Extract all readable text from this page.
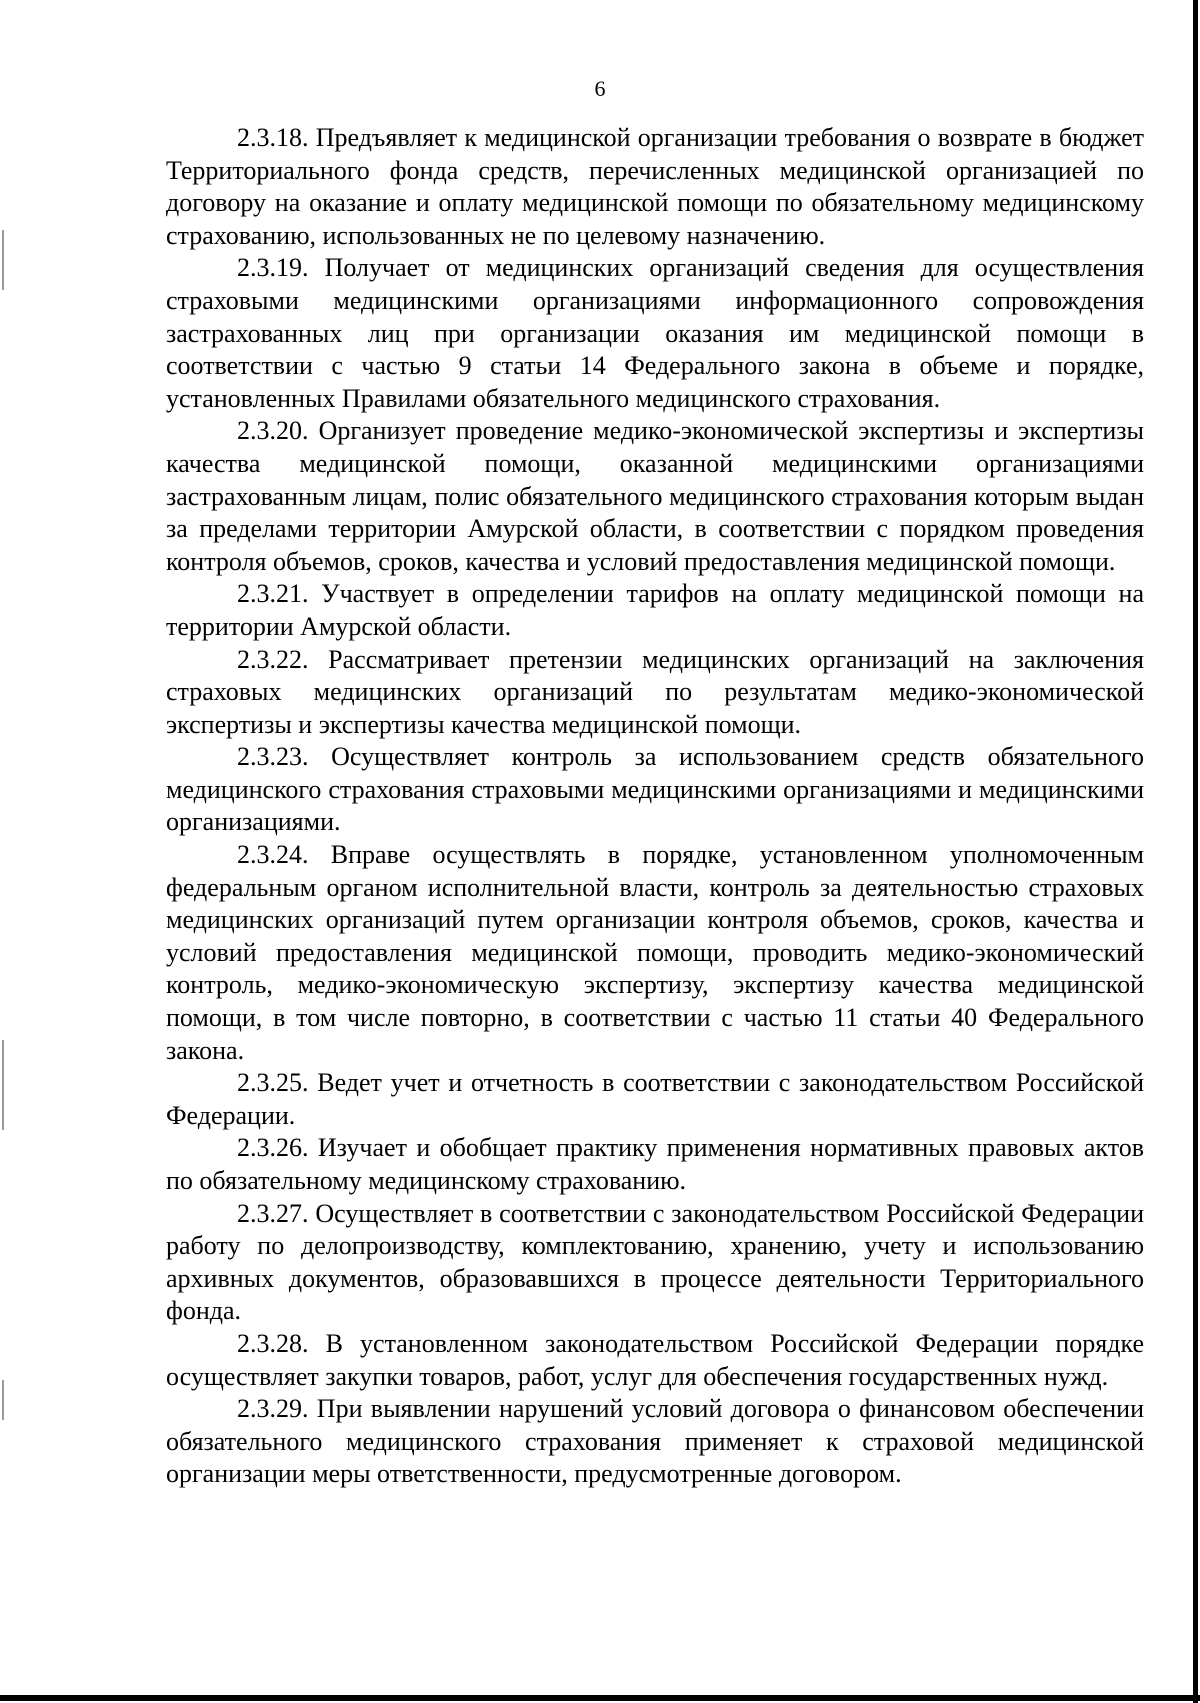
6

2.3.18. Предъявляет к медицинской организации требования о возврате в бюджет Территориального фонда средств, перечисленных медицинской организацией по договору на оказание и оплату медицинской помощи по обязательному медицинскому страхованию, использованных не по целевому назначению.

2.3.19. Получает от медицинских организаций сведения для осуществления страховыми медицинскими организациями информационного сопровождения застрахованных лиц при организации оказания им медицинской помощи в соответствии с частью 9 статьи 14 Федерального закона в объеме и порядке, установленных Правилами обязательного медицинского страхования.

2.3.20. Организует проведение медико-экономической экспертизы и экспертизы качества медицинской помощи, оказанной медицинскими организациями застрахованным лицам, полис обязательного медицинского страхования которым выдан за пределами территории Амурской области, в соответствии с порядком проведения контроля объемов, сроков, качества и условий предоставления медицинской помощи.

2.3.21. Участвует в определении тарифов на оплату медицинской помощи на территории Амурской области.

2.3.22. Рассматривает претензии медицинских организаций на заключения страховых медицинских организаций по результатам медико-экономической экспертизы и экспертизы качества медицинской помощи.

2.3.23. Осуществляет контроль за использованием средств обязательного медицинского страхования страховыми медицинскими организациями и медицинскими организациями.

2.3.24. Вправе осуществлять в порядке, установленном уполномоченным федеральным органом исполнительной власти, контроль за деятельностью страховых медицинских организаций путем организации контроля объемов, сроков, качества и условий предоставления медицинской помощи, проводить медико-экономический контроль, медико-экономическую экспертизу, экспертизу качества медицинской помощи, в том числе повторно, в соответствии с частью 11 статьи 40 Федерального закона.

2.3.25. Ведет учет и отчетность в соответствии с законодательством Российской Федерации.

2.3.26. Изучает и обобщает практику применения нормативных правовых актов по обязательному медицинскому страхованию.

2.3.27. Осуществляет в соответствии с законодательством Российской Федерации работу по делопроизводству, комплектованию, хранению, учету и использованию архивных документов, образовавшихся в процессе деятельности Территориального фонда.

2.3.28. В установленном законодательством Российской Федерации порядке осуществляет закупки товаров, работ, услуг для обеспечения государственных нужд.

2.3.29. При выявлении нарушений условий договора о финансовом обеспечении обязательного медицинского страхования применяет к страховой медицинской организации меры ответственности, предусмотренные договором.
